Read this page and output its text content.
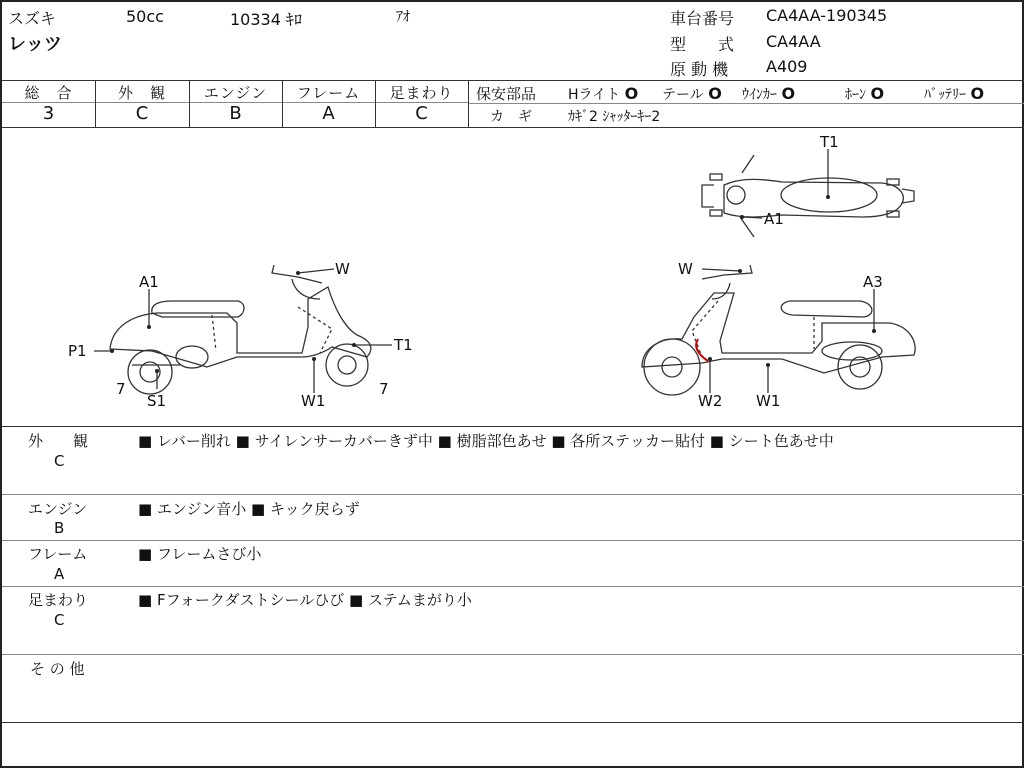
スズキ	50cc	10334 ｷﾛ	ｱｵ
レッツ
車台番号 CA4AA-190345
型　　式 CA4AA
原 動 機 A409
総　合	外　観	エンジン	フレーム	足まわり
3	C	B	A	C
保安部品 Hライト O テール O ｳｲﾝｶｰ O	ﾎｰﾝ O	ﾊﾞｯﾃﾘｰ O
カ　ギ	ｶｷﾞ2 ｼｬｯﾀｰｷｰ2
T1
A1
W
A1
P1	T1
7
S1	W1
7
W
A3
W2 W1
外　　観
C
■ レバー削れ ■ サイレンサーカバーきず中 ■ 樹脂部色あせ ■ 各所ステッカー貼付 ■ シート色あせ中
エンジン
B
■ エンジン音小 ■ キック戻らず
フレーム
A
■ フレームさび小
足まわり
C
■ Fフォークダストシールひび ■ ステムまがり小
そ の 他
